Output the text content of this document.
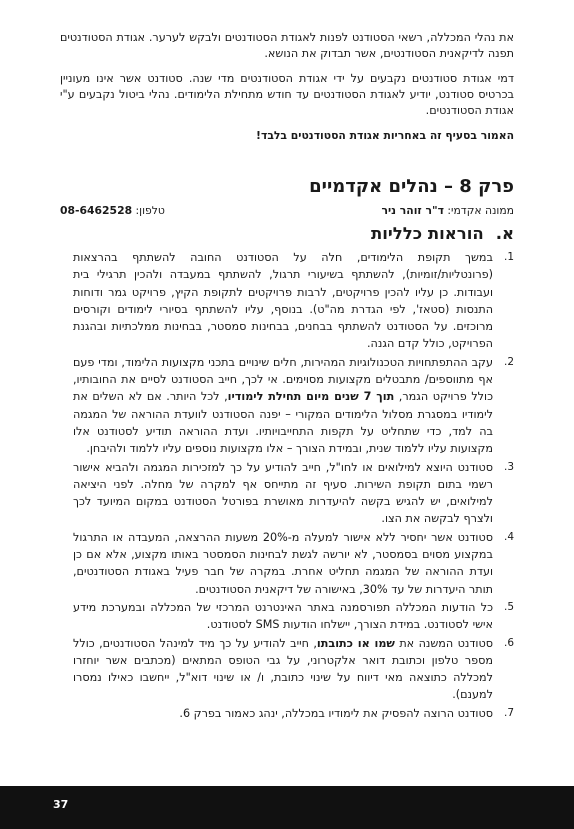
את נהלי המכללה, רשאי הסטודנט לפנות לאגודת הסטודנטים ולבקש לערער. אגודת הסטודנטים תפנה לדיקאנית הסטודנטים, אשר תבדוק את הנושא.

דמי אגודת סטודנטים נקבעים על ידי אגודת הסטודנטים מדי שנה. סטודנט אשר אינו מעוניין בכרטיס סטודנט, יודיע לאגודת הסטודנטים עד חודש מתחילת הלימודים. נהלי ביטול נקבעים ע"י אגודת הסטודנטים.

האמור בסעיף זה באחריות אגודת הסטודנטים בלבד!

פרק 8 – נהלים אקדמיים
ממונה אקדמי: ד"ר זוהר ניר
טלפון: 08-6462528
א.הוראות כלליות
1.
במשך תקופת הלימודים, חלה על הסטודנט החובה להשתתף בהרצאות (פרונטליות/זומיות), להשתתף בשיעורי תרגול, להשתתף במעבדה ולהכין תרגילי בית ועבודות. כן עליו להכין פרויקטים, לרבות פרויקטים לתקופת הקיץ, פרויקט גמר ודוחות התנסות (סטאז', לפי הגדרת מה"ט). בנוסף, עליו להשתתף בסיורי לימודים וקורסים מרוכזים. על הסטודנט להשתתף בבחנים, בבחינות סמסטר, בבחינות ממלכתיות ובהגנת הפרויקט, כולל קדם הגנה.
2.
עקב ההתפתחויות הטכנולוגיות המהירות, חלים שינויים בתכני מקצועות הלימוד, ומדי פעם אף מתווספים/ מתבטלים מקצועות מסוימים. אי לכך, חייב הסטודנט לסיים את החובותיו, כולל פרויקט הגמר, תוך 7 שנים מיום תחילת לימודיו, לכל היותר. אם לא השלים את לימודיו במסגרת מסלול הלימודים המקורי – יפנה הסטודנט לוועדת ההוראה של המגמה בה למד, כדי שתחליט על תקפות התחייבויותיו. ועדת ההוראה תודיע לסטודנט אלו מקצועות עליו ללמוד שנית, ובמידת הצורך – אלו מקצועות נוספים עליו ללמוד ולהיבחן.
3.
סטודנט היוצא למילואים או לחו"ל, חייב להודיע על כך למזכירות המגמה ולהביא אישור רשמי בתום תקופת השירות. סעיף זה מתייחס אף למקרה של מחלה. לפני היציאה למילואים, יש להגיש בקשה להיעדרות מאושרת בפורטל הסטודנט במקום המיועד לכך ולצרף לבקשה את הצו.
4.
סטודנט אשר יחסיר ללא אישור למעלה מ-20% משעות ההרצאה, המעבדה או התרגול במקצוע מסוים בסמסטר, לא יורשה לגשת לבחינות הסמסטר באותו מקצוע, אלא אם כן ועדת ההוראה של המגמה תחליט אחרת. במקרה של חבר פעיל באגודת הסטודנטים, תותר היעדרות של עד 30%, באישורה של דיקאנית הסטודנטים.
5.
כל הודעות המכללה תפורסמנה באתר האינטרנט המרכזי של המכללה ובמערכת מידע אישי לסטודנט. במידת הצורך, יישלחו הודעות SMS לסטודנט.
6.
סטודנט המשנה את שמו או כתובתו, חייב להודיע על כך מיד למינהל הסטודנטים, כולל מספר טלפון וכתובת דואר אלקטרוני, על גבי הטופס המתאים (מכתבים אשר יוחזרו למכללה כתוצאה מאי דיווח על שינוי כתובת, ו/ או שינוי דוא"ל, ייחשבו כאילו נמסרו למענם).
7.
סטודנט הרוצה להפסיק את לימודיו במכללה, ינהג כאמור בפרק 6.
37
